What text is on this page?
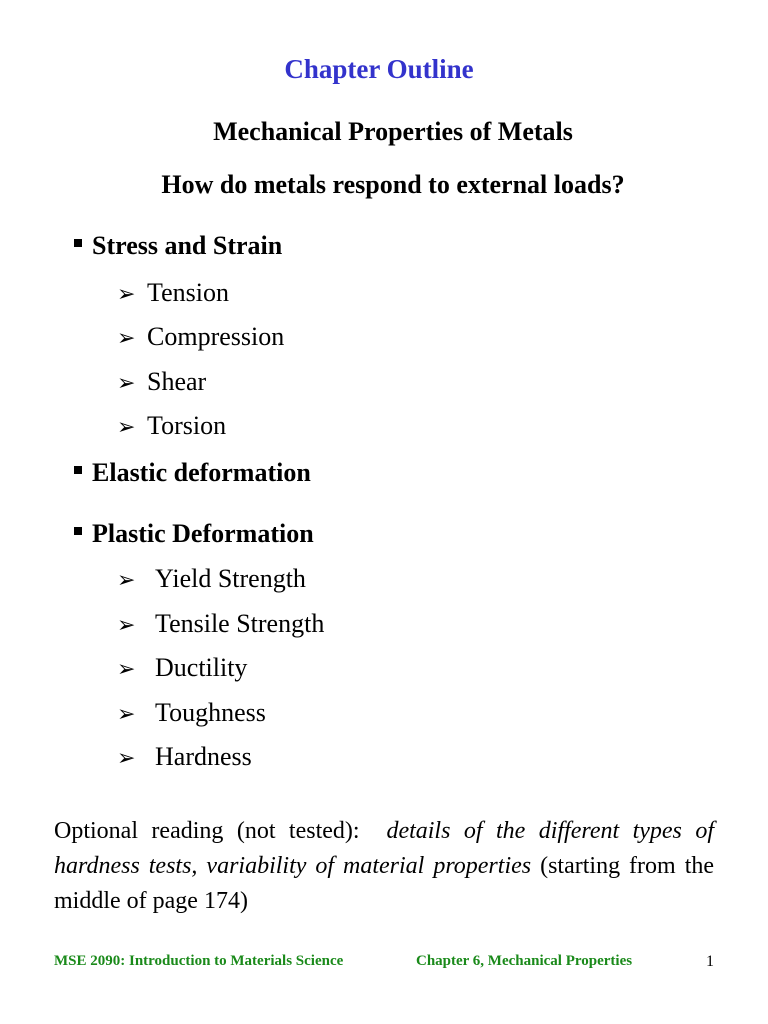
Chapter Outline
Mechanical Properties of Metals
How do metals respond to external loads?
Stress and Strain
➢ Tension
➢ Compression
➢ Shear
➢ Torsion
Elastic deformation
Plastic Deformation
➢ Yield Strength
➢ Tensile Strength
➢ Ductility
➢ Toughness
➢ Hardness
Optional reading (not tested): details of the different types of hardness tests, variability of material properties (starting from the middle of page 174)
MSE 2090: Introduction to Materials Science	Chapter 6, Mechanical Properties	1
